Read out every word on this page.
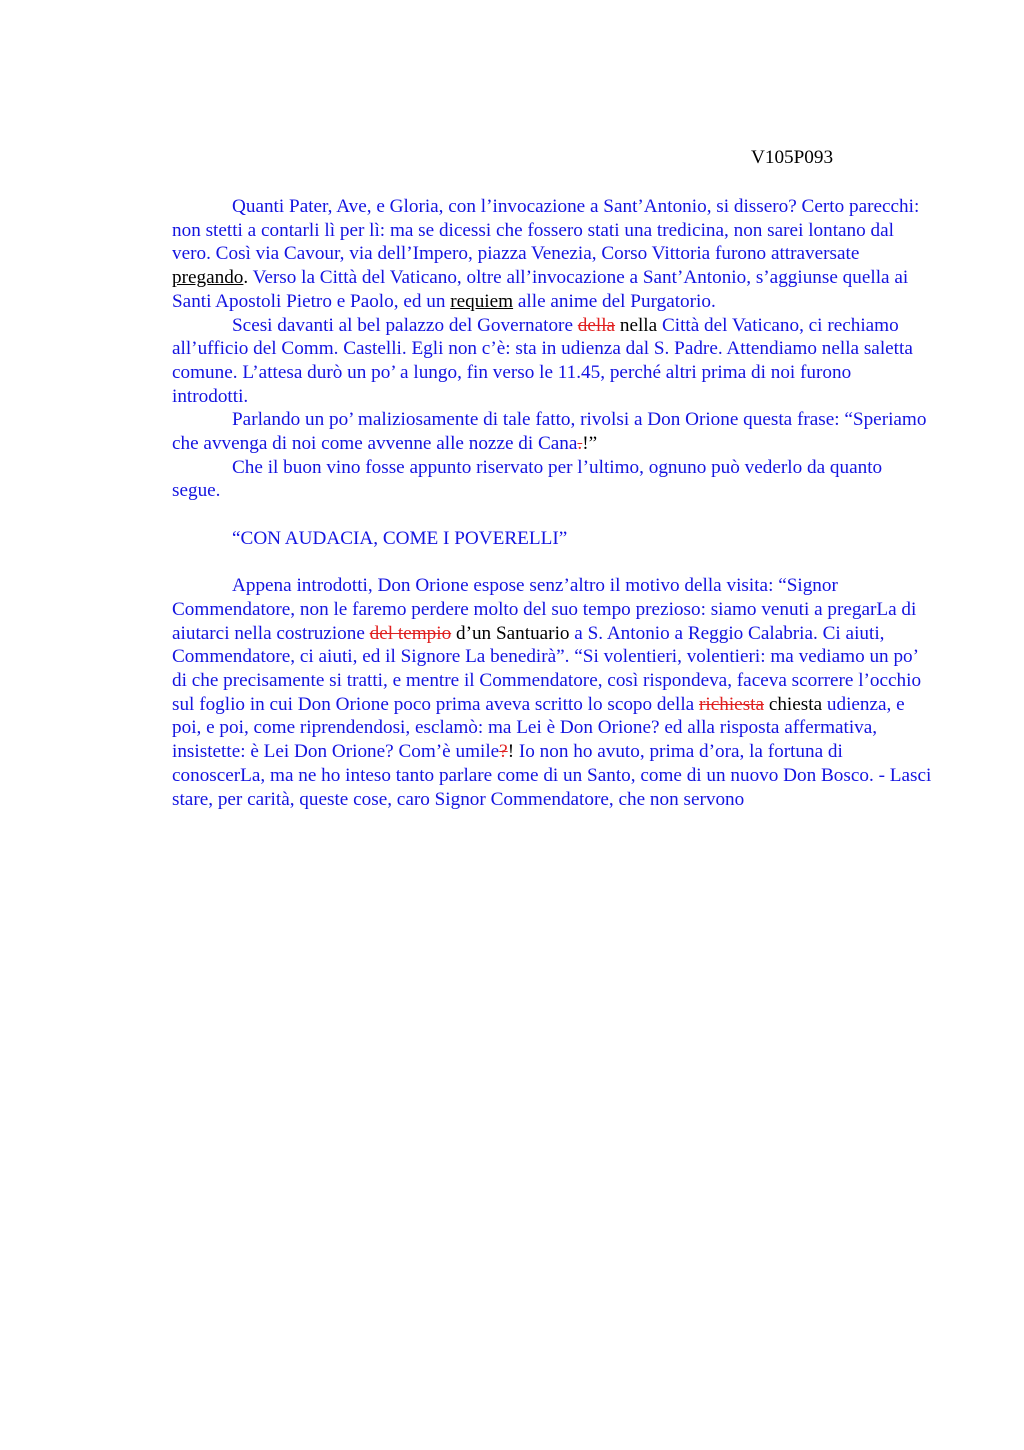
V105P093

Quanti Pater, Ave, e Gloria, con l’invocazione a Sant’Antonio, si dissero? Certo parecchi: non stetti a contarli lì per lì: ma se dicessi che fossero stati una tredicina, non sarei lontano dal vero. Così via Cavour, via dell’Impero, piazza Venezia, Corso Vittoria furono attraversate pregando. Verso la Città del Vaticano, oltre all’invocazione a Sant’Antonio, s’aggiunse quella ai Santi Apostoli Pietro e Paolo, ed un requiem alle anime del Purgatorio.

Scesi davanti al bel palazzo del Governatore della nella Città del Vaticano, ci rechiamo all’ufficio del Comm. Castelli. Egli non c’è: sta in udienza dal S. Padre. Attendiamo nella saletta comune. L’attesa durò un po’ a lungo, fin verso le 11.45, perché altri prima di noi furono introdotti.

Parlando un po’ maliziosamente di tale fatto, rivolsi a Don Orione questa frase: “Speriamo che avvenga di noi come avvenne alle nozze di Cana.!”

Che il buon vino fosse appunto riservato per l’ultimo, ognuno può vederlo da quanto segue.

“CON AUDACIA, COME I POVERELLI”

Appena introdotti, Don Orione espose senz’altro il motivo della visita: “Signor Commendatore, non le faremo perdere molto del suo tempo prezioso: siamo venuti a pregarLa di aiutarci nella costruzione del tempio d’un Santuario a S. Antonio a Reggio Calabria. Ci aiuti, Commendatore, ci aiuti, ed il Signore La benedirà”. “Si volentieri, volentieri: ma vediamo un po’ di che precisamente si tratti, e mentre il Commendatore, così rispondeva, faceva scorrere l’occhio sul foglio in cui Don Orione poco prima aveva scritto lo scopo della richiesta chiesta udienza, e poi, e poi, come riprendendosi, esclamò: ma Lei è Don Orione? ed alla risposta affermativa, insistette: è Lei Don Orione? Com’è umile?! Io non ho avuto, prima d’ora, la fortuna di conoscerLa, ma ne ho inteso tanto parlare come di un Santo, come di un nuovo Don Bosco. - Lasci stare, per carità, queste cose, caro Signor Commendatore, che non servono
